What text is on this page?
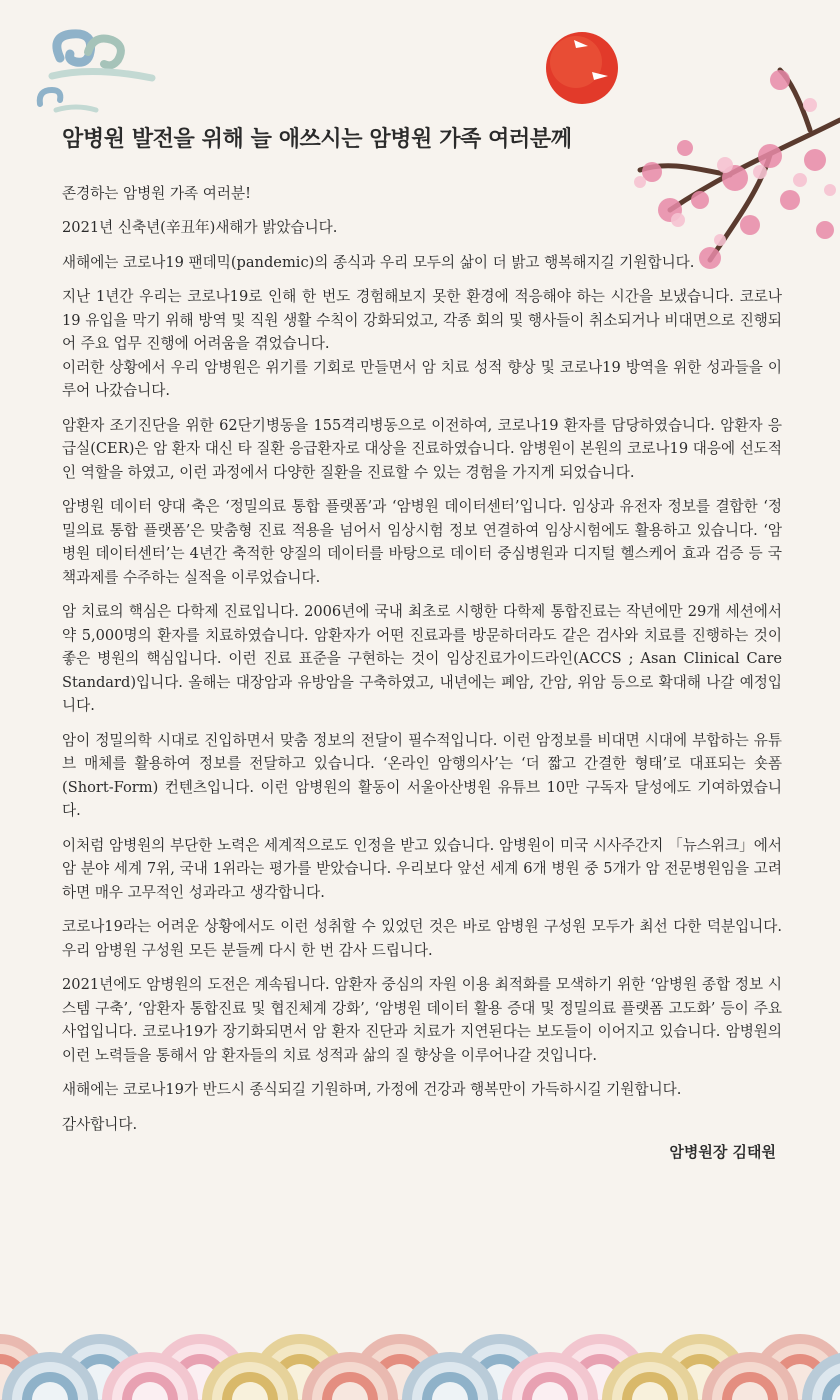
암병원 발전을 위해 늘 애쓰시는 암병원 가족 여러분께

존경하는 암병원 가족 여러분!

2021년 신축년(辛丑年)새해가 밝았습니다.

새해에는 코로나19 팬데믹(pandemic)의 종식과 우리 모두의 삶이 더 밝고 행복해지길 기원합니다.

지난 1년간 우리는 코로나19로 인해 한 번도 경험해보지 못한 환경에 적응해야 하는 시간을 보냈습니다. 코로나19 유입을 막기 위해 방역 및 직원 생활 수칙이 강화되었고, 각종 회의 및 행사들이 취소되거나 비대면으로 진행되어 주요 업무 진행에 어려움을 겪었습니다.
이러한 상황에서 우리 암병원은 위기를 기회로 만들면서 암 치료 성적 향상 및 코로나19 방역을 위한 성과들을 이루어 나갔습니다.

암환자 조기진단을 위한 62단기병동을 155격리병동으로 이전하여, 코로나19 환자를 담당하였습니다. 암환자 응급실(CER)은 암 환자 대신 타 질환 응급환자로 대상을 진료하였습니다. 암병원이 본원의 코로나19 대응에 선도적인 역할을 하였고, 이런 과정에서 다양한 질환을 진료할 수 있는 경험을 가지게 되었습니다.

암병원 데이터 양대 축은 ‘정밀의료 통합 플랫폼’과 ‘암병원 데이터센터’입니다. 임상과 유전자 정보를 결합한 ‘정밀의료 통합 플랫폼’은 맞춤형 진료 적용을 넘어서 임상시험 정보 연결하여 임상시험에도 활용하고 있습니다. ‘암병원 데이터센터’는 4년간 축적한 양질의 데이터를 바탕으로 데이터 중심병원과 디지털 헬스케어 효과 검증 등 국책과제를 수주하는 실적을 이루었습니다.

암 치료의 핵심은 다학제 진료입니다. 2006년에 국내 최초로 시행한 다학제 통합진료는 작년에만 29개 세션에서 약 5,000명의 환자를 치료하였습니다. 암환자가 어떤 진료과를 방문하더라도 같은 검사와 치료를 진행하는 것이 좋은 병원의 핵심입니다. 이런 진료 표준을 구현하는 것이 임상진료가이드라인(ACCS ; Asan Clinical Care Standard)입니다. 올해는 대장암과 유방암을 구축하였고, 내년에는 폐암, 간암, 위암 등으로 확대해 나갈 예정입니다.

암이 정밀의학 시대로 진입하면서 맞춤 정보의 전달이 필수적입니다. 이런 암정보를 비대면 시대에 부합하는 유튜브 매체를 활용하여 정보를 전달하고 있습니다. ‘온라인 암행의사’는 ‘더 짧고 간결한 형태’로 대표되는 숏폼(Short-Form) 컨텐츠입니다. 이런 암병원의 활동이 서울아산병원 유튜브 10만 구독자 달성에도 기여하였습니다.

이처럼 암병원의 부단한 노력은 세계적으로도 인정을 받고 있습니다. 암병원이 미국 시사주간지 「뉴스위크」에서 암 분야 세계 7위, 국내 1위라는 평가를 받았습니다. 우리보다 앞선 세계 6개 병원 중 5개가 암 전문병원임을 고려하면 매우 고무적인 성과라고 생각합니다.

코로나19라는 어려운 상황에서도 이런 성취할 수 있었던 것은 바로 암병원 구성원 모두가 최선 다한 덕분입니다. 우리 암병원 구성원 모든 분들께 다시 한 번 감사 드립니다.

2021년에도 암병원의 도전은 계속됩니다. 암환자 중심의 자원 이용 최적화를 모색하기 위한 ‘암병원 종합 정보 시스템 구축’, ‘암환자 통합진료 및 협진체계 강화’, ‘암병원 데이터 활용 증대 및 정밀의료 플랫폼 고도화’ 등이 주요 사업입니다. 코로나19가 장기화되면서 암 환자 진단과 치료가 지연된다는 보도들이 이어지고 있습니다. 암병원의 이런 노력들을 통해서 암 환자들의 치료 성적과 삶의 질 향상을 이루어나갈 것입니다.

새해에는 코로나19가 반드시 종식되길 기원하며, 가정에 건강과 행복만이 가득하시길 기원합니다.

감사합니다.

암병원장 김태원
